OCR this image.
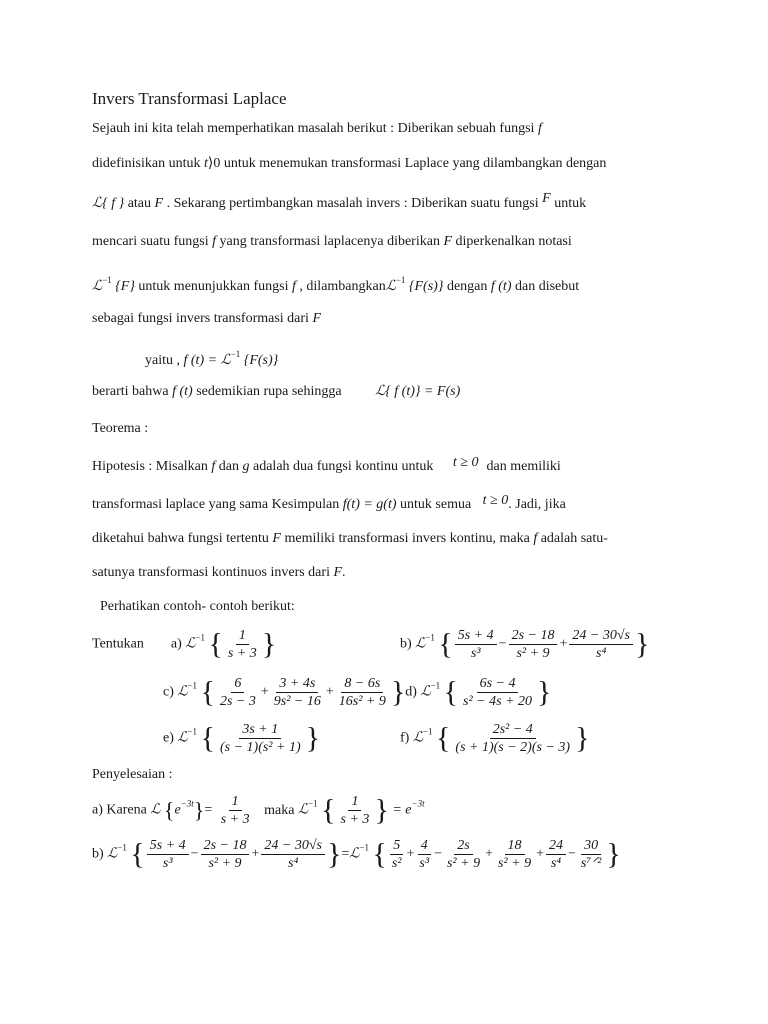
Invers Transformasi Laplace
Sejauh ini kita telah memperhatikan masalah berikut : Diberikan sebuah fungsi f
didefinisikan untuk t⟩0 untuk menemukan transformasi Laplace yang dilambangkan dengan
ℒ{ f } atau F . Sekarang pertimbangkan masalah invers : Diberikan suatu fungsi F untuk
mencari suatu fungsi f yang transformasi laplacenya diberikan F diperkenalkan notasi
ℒ$^{-1}$ {F} untuk menunjukkan fungsi f , dilambangkanℒ$^{-1}$ {F(s)} dengan f (t) dan disebut
sebagai fungsi invers transformasi dari F
yaitu , f (t) = ℒ$^{-1}$ {F(s)}
berarti bahwa f (t) sedemikian rupa sehingga ℒ{ f (t)} = F(s)
Teorema :
Hipotesis : Misalkan f dan g adalah dua fungsi kontinu untuk t ≥ 0 dan memiliki
transformasi laplace yang sama Kesimpulan f(t) = g(t) untuk semua t ≥ 0. Jadi, jika
diketahui bahwa fungsi tertentu F memiliki transformasi invers kontinu, maka f adalah satu-
satunya transformasi kontinuos invers dari F.
Perhatikan contoh- contoh berikut:
Tentukan a) ℒ$^{-1}$ { $\frac{1}{s + 3}$ }	b) ℒ$^{-1}$ { $\frac{5s + 4}{\text{s³}} - \frac{2s - 18}{\text{s² + 9}} + \frac{24 - 30√s}{\text{s⁴}}$ }
c) ℒ$^{-1}$ { $\frac{6}{2s - 3} + \frac{3 + 4s}{\text{9s² − 16}} + \frac{8 - 6s}{\text{16s² + 9}} \}d$) ℒ$^{-1}$ { $\frac{6s - 4}{\text{s² − 4s + 20}}$ }
e) ℒ$^{-1}$ { $\frac{3s + 1}{\text{(s − 1)(s² + 1)}}$ }	f) ℒ$^{-1}$ { $\frac{\text{2s² − 4}}{(s + 1)(s - 2)(s - 3)}$ }
Penyelesaian :
a) Karena ℒ $\{e^{-3t}\}= \frac{1}{s + 3}$ maka ℒ$^{-1}$ { $\frac{1}{s + 3}$ } = $e^{-3t}$
b) ℒ$^{-1}$ { $\frac{5s + 4}{\text{s³}} - \frac{2s - 18}{\text{s² + 9}} + \frac{24 - 30√s}{\text{s⁴}}$ }=ℒ$^{-1}$ { $\frac{5}{\text{s²}} + \frac{4}{\text{s³}} - \frac{2s}{\text{s² + 9}} + \frac{18}{\text{s² + 9}} + \frac{24}{\text{s⁴}} - \frac{30}{\text{s⁷ᐟ²}}$ }
